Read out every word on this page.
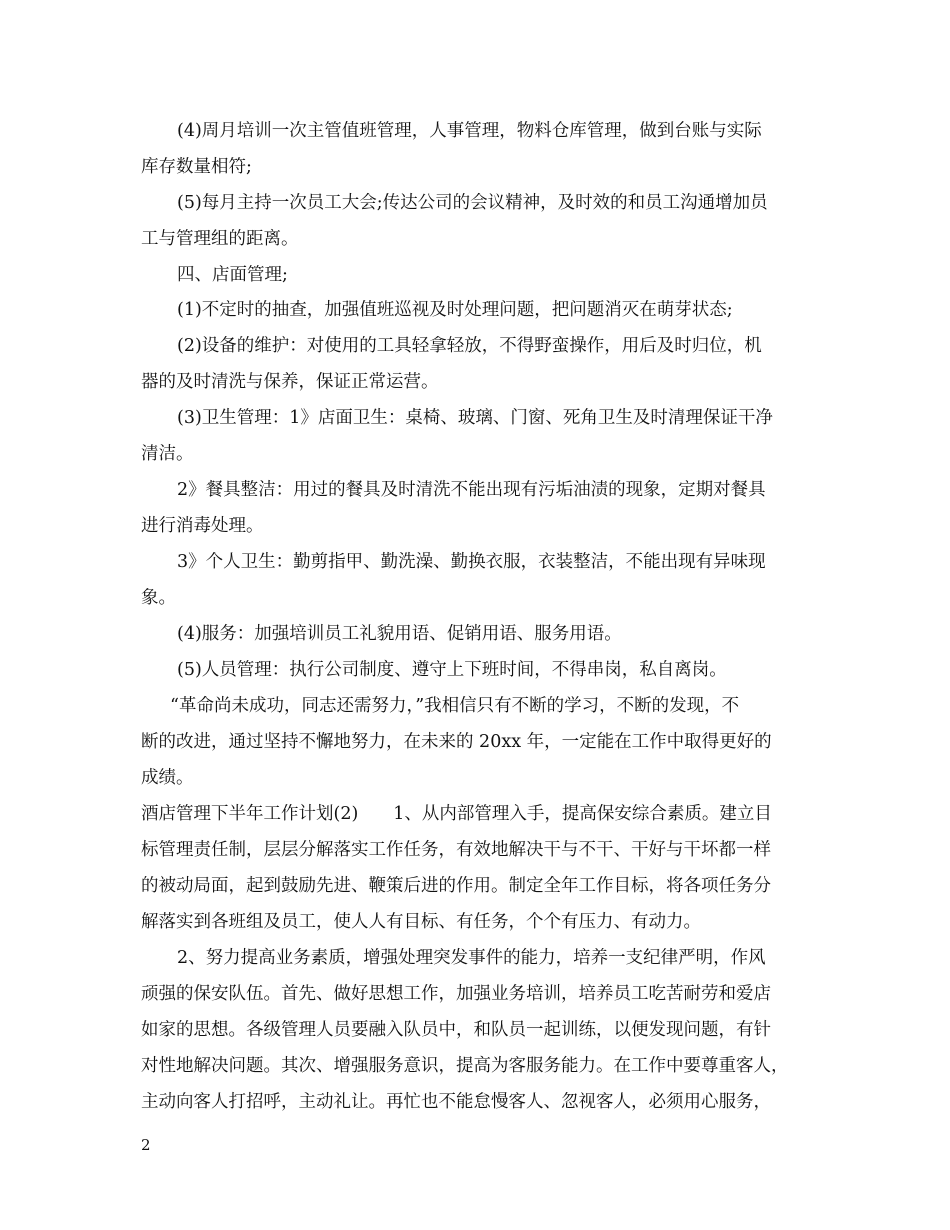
(4)周月培训一次主管值班管理，人事管理，物料仓库管理，做到台账与实际
库存数量相符;
(5)每月主持一次员工大会;传达公司的会议精神，及时效的和员工沟通增加员
工与管理组的距离。
四、店面管理;
(1)不定时的抽查，加强值班巡视及时处理问题，把问题消灭在萌芽状态;
(2)设备的维护：对使用的工具轻拿轻放，不得野蛮操作，用后及时归位，机
器的及时清洗与保养，保证正常运营。
(3)卫生管理：1》店面卫生：桌椅、玻璃、门窗、死角卫生及时清理保证干净
清洁。
2》餐具整洁：用过的餐具及时清洗不能出现有污垢油渍的现象，定期对餐具
进行消毒处理。
3》个人卫生：勤剪指甲、勤洗澡、勤换衣服，衣装整洁，不能出现有异味现
象。
(4)服务：加强培训员工礼貌用语、促销用语、服务用语。
(5)人员管理：执行公司制度、遵守上下班时间，不得串岗，私自离岗。
“革命尚未成功，同志还需努力，”我相信只有不断的学习，不断的发现，不
断的改进，通过坚持不懈地努力，在未来的 20xx 年，一定能在工作中取得更好的
成绩。
酒店管理下半年工作计划(2)　　1、从内部管理入手，提高保安综合素质。建立目
标管理责任制，层层分解落实工作任务，有效地解决干与不干、干好与干坏都一样
的被动局面，起到鼓励先进、鞭策后进的作用。制定全年工作目标，将各项任务分
解落实到各班组及员工，使人人有目标、有任务，个个有压力、有动力。
2、努力提高业务素质，增强处理突发事件的能力，培养一支纪律严明，作风
顽强的保安队伍。首先、做好思想工作，加强业务培训，培养员工吃苦耐劳和爱店
如家的思想。各级管理人员要融入队员中，和队员一起训练，以便发现问题，有针
对性地解决问题。其次、增强服务意识，提高为客服务能力。在工作中要尊重客人，
主动向客人打招呼，主动礼让。再忙也不能怠慢客人、忽视客人，必须用心服务，
2
